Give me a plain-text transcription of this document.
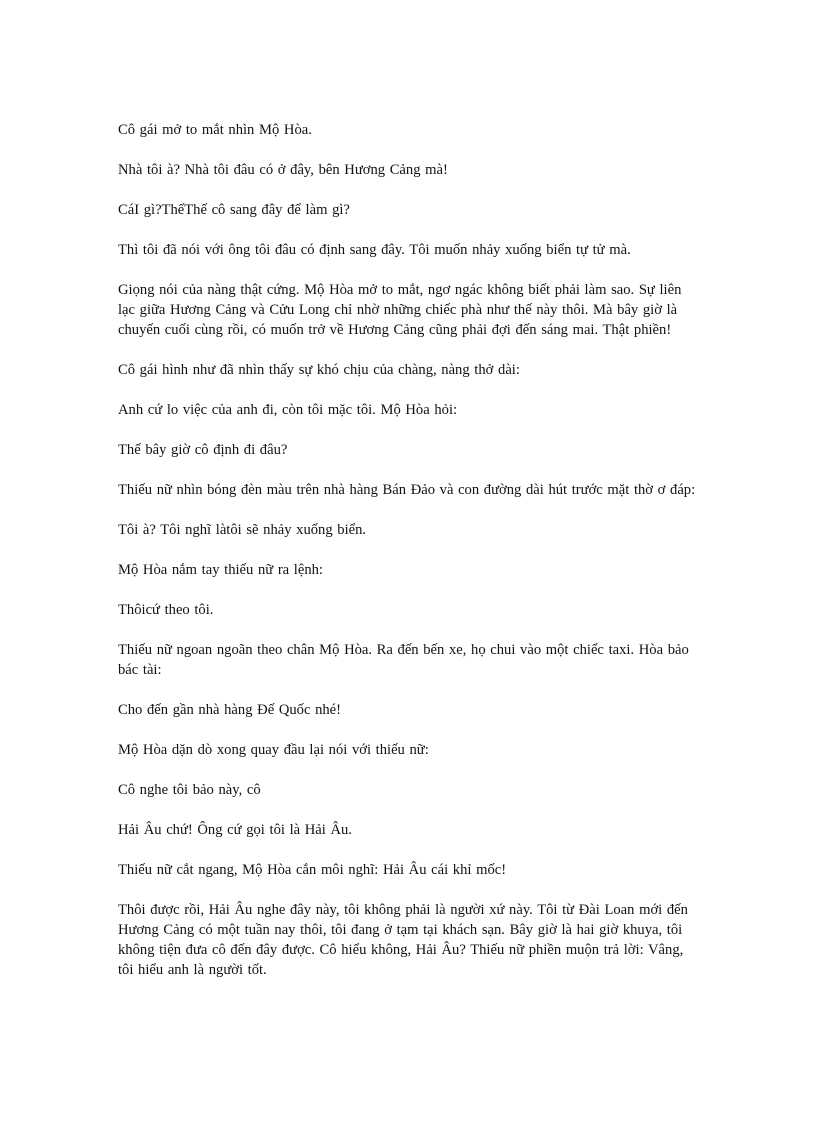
Cô gái mở to mắt nhìn Mộ Hòa.

Nhà tôi à? Nhà tôi đâu có ở đây, bên Hương Cảng mà!

CáI gì?ThếThế cô sang đây để làm gì?

Thì tôi đã nói với ông tôi đâu có định sang đây. Tôi muốn nhảy xuống biển tự tử mà.

Giọng nói của nàng thật cứng. Mộ Hòa mở to mắt, ngơ ngác không biết phải làm sao. Sự liên lạc giữa Hương Cảng và Cửu Long chỉ nhờ những chiếc phà như thế này thôi. Mà bây giờ là chuyến cuối cùng rồi, có muốn trở về Hương Cảng cũng phải đợi đến sáng mai. Thật phiền!

Cô gái hình như đã nhìn thấy sự khó chịu của chàng, nàng thở dài:

Anh cứ lo việc của anh đi, còn tôi mặc tôi. Mộ Hòa hỏi:

Thế bây giờ cô định đi đâu?

Thiếu nữ nhìn bóng đèn màu trên nhà hàng Bán Đảo và con đường dài hút trước mặt thờ ơ đáp:

Tôi à? Tôi nghĩ làtôi sẽ nhảy xuống biển.

Mộ Hòa nắm tay thiếu nữ ra lệnh:

Thôicứ theo tôi.

Thiếu nữ ngoan ngoãn theo chân Mộ Hòa. Ra đến bến xe, họ chui vào một chiếc taxi. Hòa bảo bác tài:

Cho đến gần nhà hàng Đế Quốc nhé!

Mộ Hòa dặn dò xong quay đầu lại nói với thiếu nữ:

Cô nghe tôi bảo này, cô

Hải Âu chứ! Ông cứ gọi tôi là Hải Âu.

Thiếu nữ cắt ngang, Mộ Hòa cắn môi nghĩ: Hải Âu cái khỉ mốc!

Thôi được rồi, Hải Âu nghe đây này, tôi không phải là người xứ này. Tôi từ Đài Loan mới đến Hương Cảng có một tuần nay thôi, tôi đang ở tạm tại khách sạn. Bây giờ là hai giờ khuya, tôi không tiện đưa cô đến đây được. Cô hiểu không, Hải Âu? Thiếu nữ phiền muộn trả lời: Vâng, tôi hiểu anh là người tốt.
